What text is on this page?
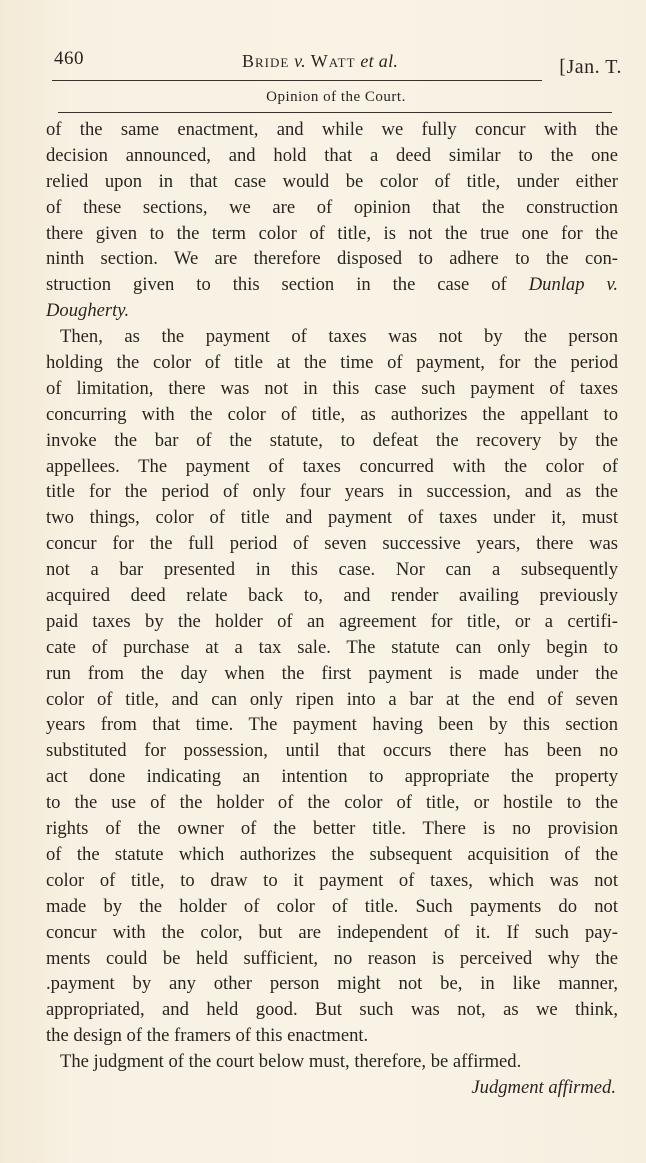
460	Bride v. Watt et al.	[Jan. T.
Opinion of the Court.
of the same enactment, and while we fully concur with the
decision announced, and hold that a deed similar to the one
relied upon in that case would be color of title, under either
of these sections, we are of opinion that the construction
there given to the term color of title, is not the true one for the
ninth section. We are therefore disposed to adhere to the con-
struction given to this section in the case of Dunlap v.
Dougherty.
Then, as the payment of taxes was not by the person
holding the color of title at the time of payment, for the period
of limitation, there was not in this case such payment of taxes
concurring with the color of title, as authorizes the appellant to
invoke the bar of the statute, to defeat the recovery by the
appellees. The payment of taxes concurred with the color of
title for the period of only four years in succession, and as the
two things, color of title and payment of taxes under it, must
concur for the full period of seven successive years, there was
not a bar presented in this case. Nor can a subsequently
acquired deed relate back to, and render availing previously
paid taxes by the holder of an agreement for title, or a certifi-
cate of purchase at a tax sale. The statute can only begin to
run from the day when the first payment is made under the
color of title, and can only ripen into a bar at the end of seven
years from that time. The payment having been by this section
substituted for possession, until that occurs there has been no
act done indicating an intention to appropriate the property
to the use of the holder of the color of title, or hostile to the
rights of the owner of the better title. There is no provision
of the statute which authorizes the subsequent acquisition of the
color of title, to draw to it payment of taxes, which was not
made by the holder of color of title. Such payments do not
concur with the color, but are independent of it. If such pay-
ments could be held sufficient, no reason is perceived why the
.payment by any other person might not be, in like manner,
appropriated, and held good. But such was not, as we think,
the design of the framers of this enactment.
The judgment of the court below must, therefore, be affirmed.
Judgment affirmed.
